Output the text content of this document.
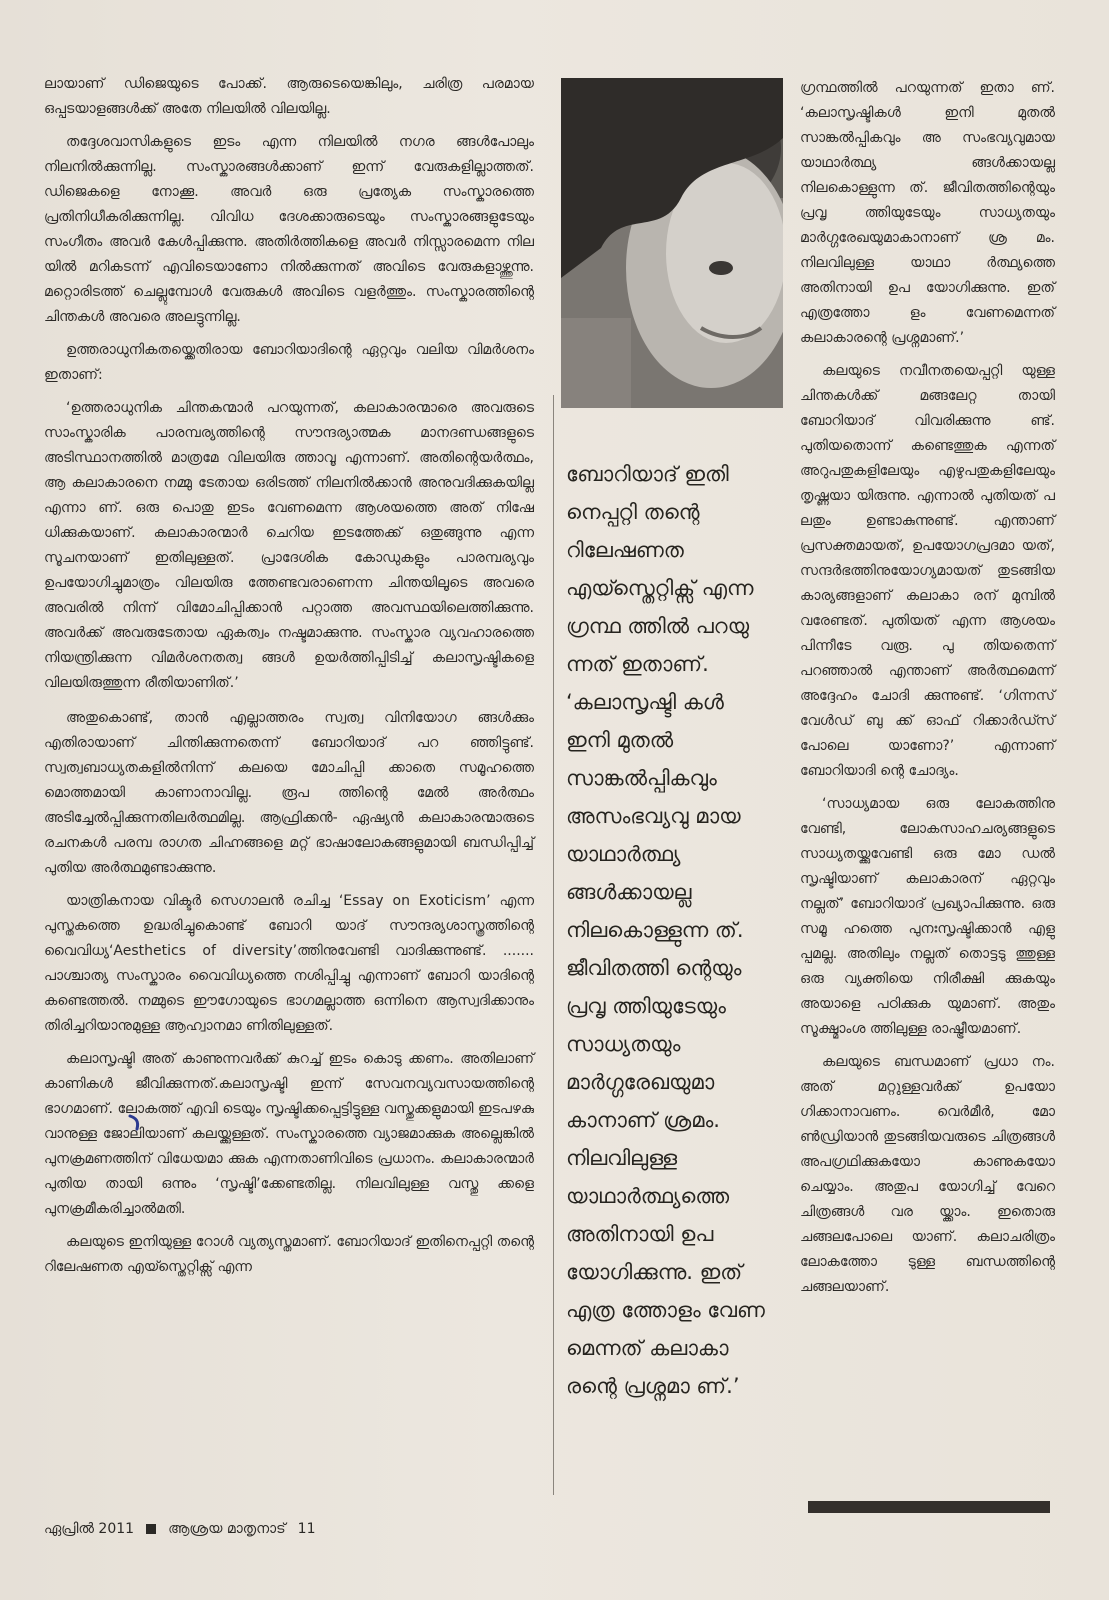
ലായാണ് ഡിജെയുടെ പോക്ക്. ആരുടെയെങ്കിലും, ചരിത്ര പരമായ ഒപ്പടയാളങ്ങൾക്ക് അതേ നിലയിൽ വിലയില്ല.

തദ്ദേശവാസികളുടെ ഇടം എന്ന നിലയിൽ നഗര ങ്ങൾപോലും നിലനിൽക്കുന്നില്ല. സംസ്കാരങ്ങൾക്കാണ് ഇന്ന് വേരുകളില്ലാത്തത്. ഡിജെകളെ നോക്കൂ. അവർ ഒരു പ്രത്യേക സംസ്കാരത്തെ പ്രതിനിധീകരിക്കുന്നില്ല. വിവിധ ദേശക്കാരുടെയും സംസ്കാരങ്ങളുടേയും സംഗീതം അവർ കേൾപ്പിക്കുന്നു. അതിർത്തികളെ അവർ നിസ്സാരമെന്ന നില യിൽ മറികടന്ന് എവിടെയാണോ നിൽക്കുന്നത് അവിടെ വേരുകളാഴ്ത്തുന്നു. മറ്റൊരിടത്ത് ചെല്ലുമ്പോൾ വേരുകൾ അവിടെ വളർത്തും. സംസ്കാരത്തിന്റെ ചിന്തകൾ അവരെ അലട്ടുന്നില്ല.

ഉത്തരാധുനികതയ്ക്കെതിരായ ബോറിയാദിന്റെ ഏറ്റവും വലിയ വിമർശനം ഇതാണ്:

‘ഉത്തരാധുനിക ചിന്തകന്മാർ പറയുന്നത്, കലാകാരന്മാരെ അവരുടെ സാംസ്കാരിക പാരമ്പര്യത്തിന്റെ സൗന്ദര്യാത്മക മാനദണ്ഡങ്ങളുടെ അടിസ്ഥാനത്തിൽ മാത്രമേ വിലയിരു ത്താവൂ എന്നാണ്. അതിന്റെയർത്ഥം, ആ കലാകാരനെ നമ്മു ടേതായ ഒരിടത്ത് നിലനിൽക്കാൻ അനുവദിക്കുകയില്ല എന്നാ ണ്. ഒരു പൊതു ഇടം വേണമെന്ന ആശയത്തെ അത് നിഷേ ധിക്കുകയാണ്. കലാകാരന്മാർ ചെറിയ ഇടത്തേക്ക് ഒതുങ്ങുന്നു എന്ന സൂചനയാണ് ഇതിലുള്ളത്. പ്രാദേശിക കോഡുകളും പാരമ്പര്യവും ഉപയോഗിച്ചുമാത്രം വിലയിരു ത്തേണ്ടവരാണെന്ന ചിന്തയിലൂടെ അവരെ അവരിൽ നിന്ന് വിമോചിപ്പിക്കാൻ പറ്റാത്ത അവസ്ഥയിലെത്തിക്കുന്നു. അവർക്ക് അവരുടേതായ ഏകത്വം നഷ്ടമാക്കുന്നു. സംസ്കാര വ്യവഹാരത്തെ നിയന്ത്രിക്കുന്ന വിമർശനതത്വ ങ്ങൾ ഉയർത്തിപ്പിടിച്ച് കലാസൃഷ്ടികളെ വിലയിരുത്തുന്ന രീതിയാണിത്.’

അതുകൊണ്ട്, താൻ എല്ലാത്തരം സ്വത്വ വിനിയോഗ ങ്ങൾക്കും എതിരായാണ് ചിന്തിക്കുന്നതെന്ന് ബോറിയാദ് പറ ഞ്ഞിട്ടുണ്ട്. സ്വത്വബാധ്യതകളിൽനിന്ന് കലയെ മോചിപ്പി ക്കാതെ സമൂഹത്തെ മൊത്തമായി കാണാനാവില്ല. രൂപ ത്തിന്റെ മേൽ അർത്ഥം അടിച്ചേൽപ്പിക്കുന്നതിലർത്ഥമില്ല. ആഫ്രിക്കൻ- ഏഷ്യൻ കലാകാരന്മാരുടെ രചനകൾ പരമ്പ രാഗത ചിഹ്നങ്ങളെ മറ്റ് ഭാഷാലോകങ്ങളുമായി ബന്ധിപ്പിച്ച് പുതിയ അർത്ഥമുണ്ടാക്കുന്നു.

യാത്രികനായ വിക്ടർ സെഗാലൻ രചിച്ച ‘Essay on Exoticism’ എന്ന പുസ്തകത്തെ ഉദ്ധരിച്ചുകൊണ്ട് ബോറി യാദ് സൗന്ദര്യശാസ്ത്രത്തിന്റെ വൈവിധ്യ‘Aesthetics of diversity’ത്തിനുവേണ്ടി വാദിക്കുന്നുണ്ട്. ....... പാശ്ചാത്യ സംസ്കാരം വൈവിധ്യത്തെ നശിപ്പിച്ചു എന്നാണ് ബോറി യാദിന്റെ കണ്ടെത്തൽ. നമ്മുടെ ഈഗോയുടെ ഭാഗമല്ലാത്ത ഒന്നിനെ ആസ്വദിക്കാനും തിരിച്ചറിയാനുമുള്ള ആഹ്വാനമാ ണിതിലുള്ളത്.

കലാസൃഷ്ടി അത് കാണുന്നവർക്ക് കുറച്ച് ഇടം കൊടു ക്കണം. അതിലാണ് കാണികൾ ജീവിക്കുന്നത്.കലാസൃഷ്ടി ഇന്ന് സേവനവ്യവസായത്തിന്റെ ഭാഗമാണ്. ലോകത്ത് എവി ടെയും സൃഷ്ടിക്കപ്പെട്ടിട്ടുള്ള വസ്തുക്കളുമായി ഇടപഴകു വാനുള്ള ജോലിയാണ് കലയ്ക്കുള്ളത്. സംസ്കാരത്തെ വ്യാജമാക്കുക അല്ലെങ്കിൽ പുനക്രമണത്തിന് വിധേയമാ ക്കുക എന്നതാണിവിടെ പ്രധാനം. കലാകാരന്മാർ പുതിയ തായി ഒന്നും ‘സൃഷ്ടി’ക്കേണ്ടതില്ല. നിലവിലുള്ള വസ്തു ക്കളെ പുനക്രമീകരിച്ചാൽമതി.

കലയുടെ ഇനിയുള്ള റോൾ വ്യത്യസ്തമാണ്. ബോറിയാദ് ഇതിനെപ്പറ്റി തന്റെ റിലേഷണത എയ്സ്തെറ്റിക്സ് എന്ന

ബോറിയാദ് ഇതി നെപ്പറ്റി തന്റെ റിലേഷണത എയ്സ്തെറ്റിക്സ് എന്ന ഗ്രന്ഥ ത്തിൽ പറയു ന്നത് ഇതാണ്. ‘കലാസൃഷ്ടി കൾ ഇനി മുതൽ സാങ്കൽപ്പികവും അസംഭവ്യവു മായ യാഥാർത്ഥ്യ ങ്ങൾക്കായല്ല നിലകൊള്ളുന്ന ത്. ജീവിതത്തി ന്റെയും പ്രവൃ ത്തിയുടേയും സാധ്യതയും മാർഗ്ഗരേഖയുമാ കാനാണ് ശ്രമം. നിലവിലുള്ള യാഥാർത്ഥ്യത്തെ അതിനായി ഉപ യോഗിക്കുന്നു. ഇത് എത്ര ത്തോളം വേണ മെന്നത് കലാകാ രന്റെ പ്രശ്നമാ ണ്.’

ഗ്രന്ഥത്തിൽ പറയുന്നത് ഇതാ ണ്. ‘കലാസൃഷ്ടികൾ ഇനി മുതൽ സാങ്കൽപ്പികവും അ സംഭവ്യവുമായ യാഥാർത്ഥ്യ ങ്ങൾക്കായല്ല നിലകൊള്ളുന്ന ത്. ജീവിതത്തിന്റെയും പ്രവൃ ത്തിയുടേയും സാധ്യതയും മാർഗ്ഗരേഖയുമാകാനാണ് ശ്ര മം. നിലവിലുള്ള യാഥാ ർത്ഥ്യത്തെ അതിനായി ഉപ യോഗിക്കുന്നു. ഇത് എത്രത്തോ ളം വേണമെന്നത് കലാകാരന്റെ പ്രശ്നമാണ്.’

കലയുടെ നവീനതയെപ്പറ്റി യുള്ള ചിന്തകൾക്ക് മങ്ങലേറ്റ തായി ബോറിയാദ് വിവരിക്കുന്നു ണ്ട്. പുതിയതൊന്ന് കണ്ടെത്തുക എന്നത് അറുപതുകളിലേയും എഴുപതുകളിലേയും തൃഷ്ണയാ യിരുന്നു. എന്നാൽ പുതിയത് പ ലതും ഉണ്ടാകുന്നുണ്ട്. എന്താണ് പ്രസക്തമായത്, ഉപയോഗപ്രദമാ യത്, സന്ദർഭത്തിനുയോഗ്യമായത് തുടങ്ങിയ കാര്യങ്ങളാണ് കലാകാ രന് മുമ്പിൽ വരേണ്ടത്. പുതിയത് എന്ന ആശയം പിന്നീടേ വരൂ. പു തിയതെന്ന് പറഞ്ഞാൽ എന്താണ് അർത്ഥമെന്ന് അദ്ദേഹം ചോദി ക്കുന്നുണ്ട്. ‘ഗിന്നസ് വേൾഡ് ബു ക്ക് ഓഫ് റിക്കാർഡ്സ് പോലെ യാണോ?’ എന്നാണ് ബോറിയാദി ന്റെ ചോദ്യം.

‘സാധ്യമായ ഒരു ലോകത്തിനു വേണ്ടി, ലോകസാഹചര്യങ്ങളുടെ സാധ്യതയ്ക്കുവേണ്ടി ഒരു മോ ഡൽ സൃഷ്ടിയാണ് കലാകാരന് ഏറ്റവും നല്ലത്’ ബോറിയാദ് പ്രഖ്യാപിക്കുന്നു. ഒരു സമൂ ഹത്തെ പുനഃസൃഷ്ടിക്കാൻ എളു പ്പമല്ല. അതിലും നല്ലത് തൊട്ടടു ത്തുള്ള ഒരു വ്യക്തിയെ നിരീക്ഷി ക്കുകയും അയാളെ പഠിക്കുക യുമാണ്. അതും സൂക്ഷ്മാംശ ത്തിലുള്ള രാഷ്ട്രീയമാണ്.

കലയുടെ ബന്ധമാണ് പ്രധാ നം. അത് മറ്റുള്ളവർക്ക് ഉപയോ ഗിക്കാനാവണം. വെർമീർ, മോ ൺഡ്രിയാൻ തുടങ്ങിയവരുടെ ചിത്രങ്ങൾ അപഗ്രഥിക്കുകയോ കാണുകയോ ചെയ്യാം. അതുപ യോഗിച്ച് വേറെ ചിത്രങ്ങൾ വര യ്ക്കാം. ഇതൊരു ചങ്ങലപോലെ യാണ്. കലാചരിത്രം ലോകത്തോ ടുള്ള ബന്ധത്തിന്റെ ചങ്ങലയാണ്.

ഏപ്രിൽ 2011 ആശ്രയ മാതൃനാട് 11
